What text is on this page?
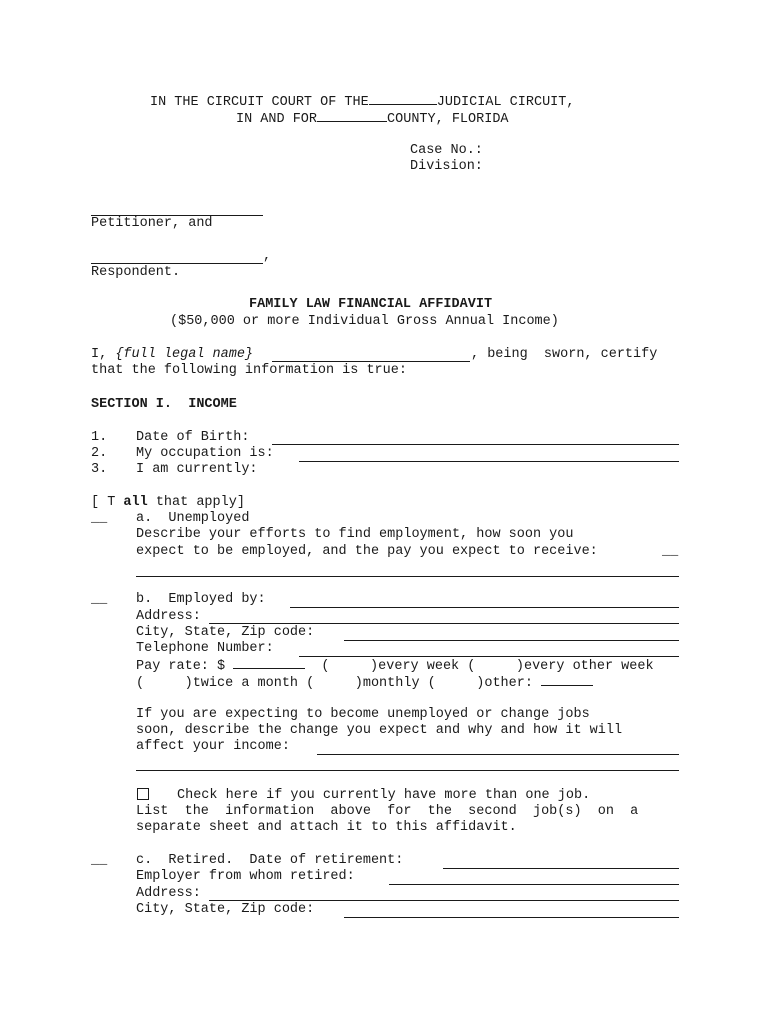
IN THE CIRCUIT COURT OF THE	JUDICIAL CIRCUIT,
IN AND FOR	COUNTY, FLORIDA
Case No.:
Division:
Petitioner, and
,
Respondent.
FAMILY LAW FINANCIAL AFFIDAVIT
($50,000 or more Individual Gross Annual Income)
I, {full legal name}	, being  sworn, certify
that the following information is true:
SECTION I.  INCOME
1. Date of Birth:
2. My occupation is:
3. I am currently:
[ T all that apply]
__ a.  Unemployed
Describe your efforts to find employment, how soon you
expect to be employed, and the pay you expect to receive:	__
__ b.  Employed by:
Address:
City, State, Zip code:
Telephone Number:
Pay rate: $	(     )every week (     )every other week
(     )twice a month (     )monthly (     )other:
If you are expecting to become unemployed or change jobs
soon, describe the change you expect and why and how it will
affect your income:
Check here if you currently have more than one job.
List  the  information  above  for  the  second  job(s)  on  a
separate sheet and attach it to this affidavit.
__ c.  Retired.  Date of retirement:
Employer from whom retired:
Address:
City, State, Zip code:
